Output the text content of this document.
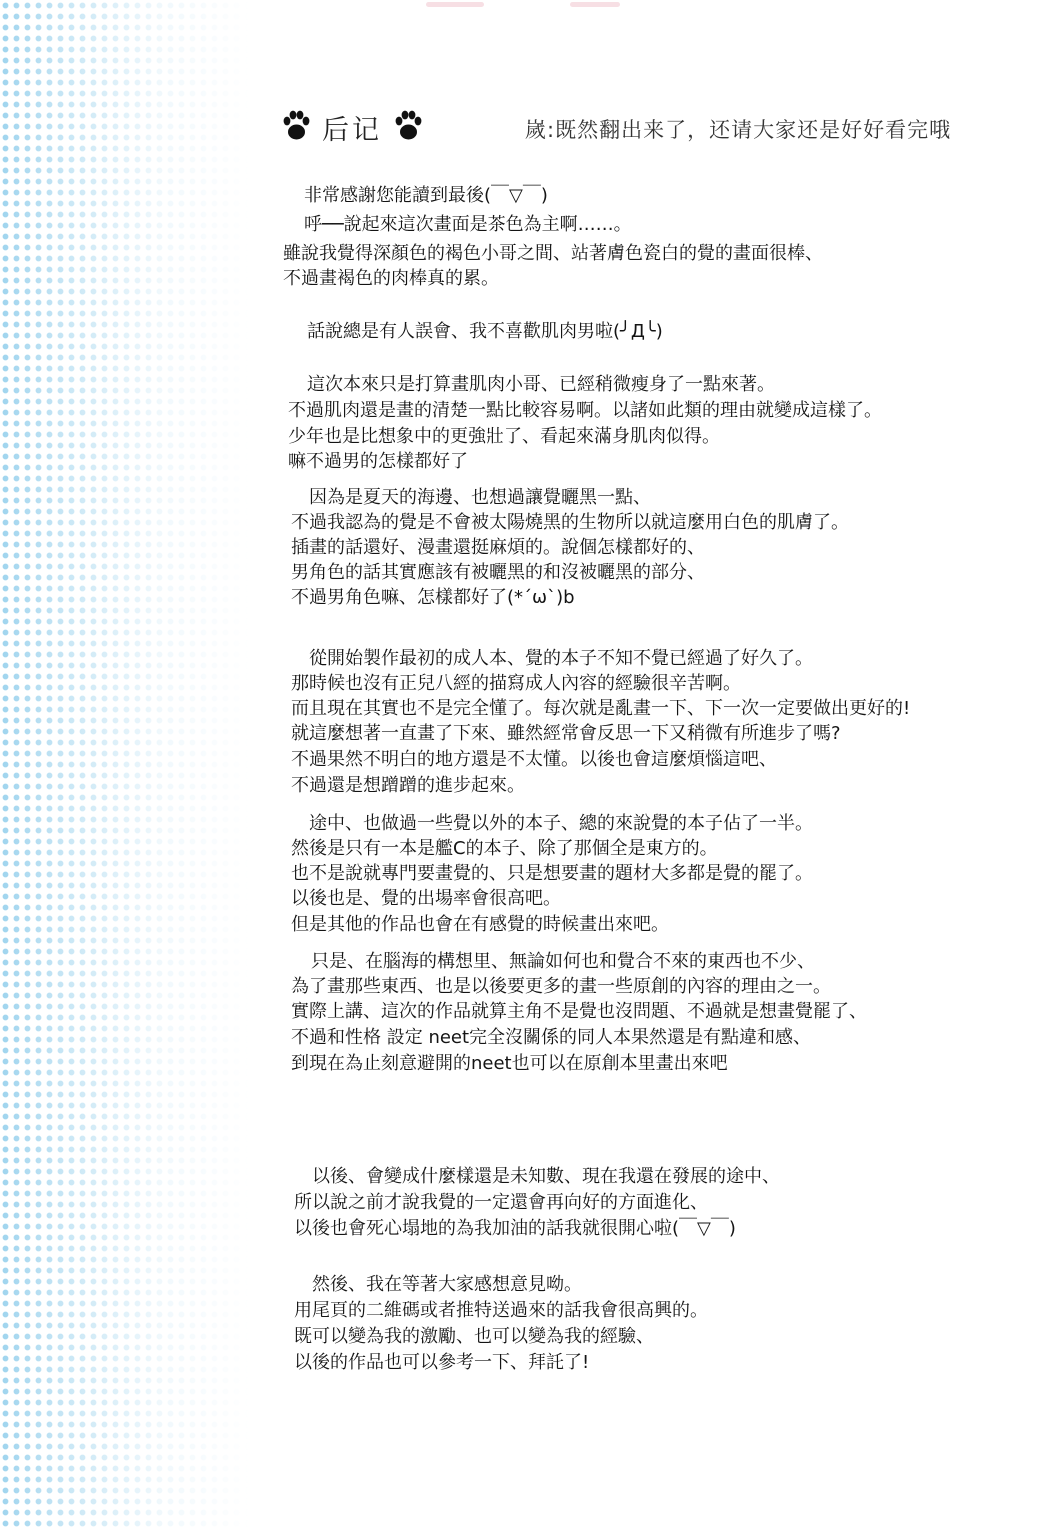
后记	嵗:既然翻出来了，还请大家还是好好看完哦
非常感謝您能讀到最後(￣▽￣)
呼──說起來這次畫面是茶色為主啊……。
雖說我覺得深顏色的褐色小哥之間、站著膚色瓷白的覺的畫面很棒、
不過畫褐色的肉棒真的累。
話說總是有人誤會、我不喜歡肌肉男啦(╯Д╰)
這次本來只是打算畫肌肉小哥、已經稍微瘦身了一點來著。
不過肌肉還是畫的清楚一點比較容易啊。以諸如此類的理由就變成這樣了。
少年也是比想象中的更強壯了、看起來滿身肌肉似得。
嘛不過男的怎樣都好了
因為是夏天的海邊、也想過讓覺曬黑一點、
不過我認為的覺是不會被太陽燒黑的生物所以就這麼用白色的肌膚了。
插畫的話還好、漫畫還挺麻煩的。說個怎樣都好的、
男角色的話其實應該有被曬黑的和沒被曬黑的部分、
不過男角色嘛、怎樣都好了(*´ω`)b
從開始製作最初的成人本、覺的本子不知不覺已經過了好久了。
那時候也沒有正兒八經的描寫成人內容的經驗很辛苦啊。
而且現在其實也不是完全懂了。每次就是亂畫一下、下一次一定要做出更好的!
就這麼想著一直畫了下來、雖然經常會反思一下又稍微有所進步了嗎?
不過果然不明白的地方還是不太懂。以後也會這麼煩惱這吧、
不過還是想蹭蹭的進步起來。
途中、也做過一些覺以外的本子、總的來說覺的本子佔了一半。
然後是只有一本是艦C的本子、除了那個全是東方的。
也不是說就專門要畫覺的、只是想要畫的題材大多都是覺的罷了。
以後也是、覺的出場率會很高吧。
但是其他的作品也會在有感覺的時候畫出來吧。
只是、在腦海的構想里、無論如何也和覺合不來的東西也不少、
為了畫那些東西、也是以後要更多的畫一些原創的內容的理由之一。
實際上講、這次的作品就算主角不是覺也沒問題、不過就是想畫覺罷了、
不過和性格 設定 neet完全沒關係的同人本果然還是有點違和感、
到現在為止刻意避開的neet也可以在原創本里畫出來吧
以後、會變成什麼樣還是未知數、現在我還在發展的途中、
所以說之前才說我覺的一定還會再向好的方面進化、
以後也會死心塌地的為我加油的話我就很開心啦(￣▽￣)
然後、我在等著大家感想意見呦。
用尾頁的二維碼或者推特送過來的話我會很高興的。
既可以變為我的激勵、也可以變為我的經驗、
以後的作品也可以參考一下、拜託了!
